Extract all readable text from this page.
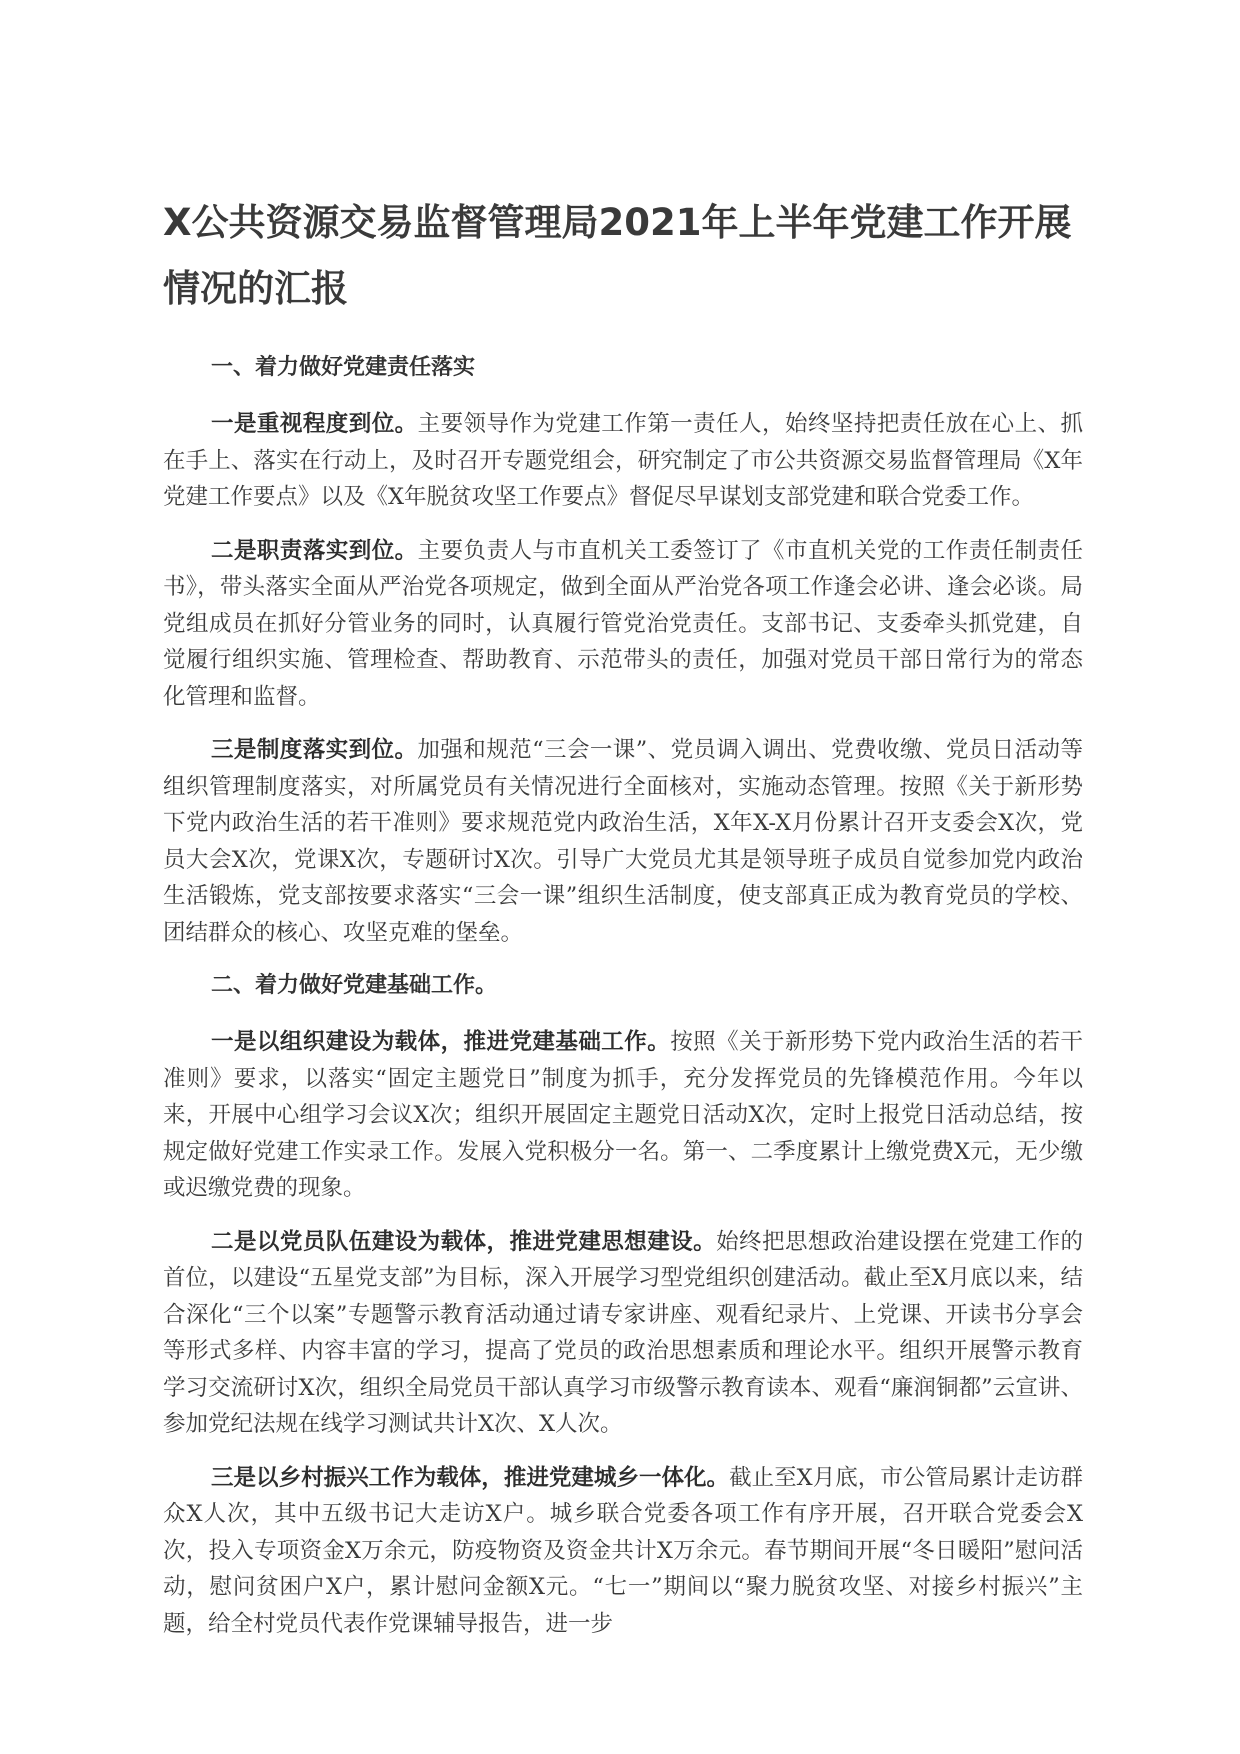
X公共资源交易监督管理局2021年上半年党建工作开展情况的汇报

一、着力做好党建责任落实

一是重视程度到位。主要领导作为党建工作第一责任人，始终坚持把责任放在心上、抓在手上、落实在行动上，及时召开专题党组会，研究制定了市公共资源交易监督管理局《X年党建工作要点》以及《X年脱贫攻坚工作要点》督促尽早谋划支部党建和联合党委工作。

二是职责落实到位。主要负责人与市直机关工委签订了《市直机关党的工作责任制责任书》，带头落实全面从严治党各项规定，做到全面从严治党各项工作逢会必讲、逢会必谈。局党组成员在抓好分管业务的同时，认真履行管党治党责任。支部书记、支委牵头抓党建，自觉履行组织实施、管理检查、帮助教育、示范带头的责任，加强对党员干部日常行为的常态化管理和监督。

三是制度落实到位。加强和规范“三会一课”、党员调入调出、党费收缴、党员日活动等组织管理制度落实，对所属党员有关情况进行全面核对，实施动态管理。按照《关于新形势下党内政治生活的若干准则》要求规范党内政治生活，X年X-X月份累计召开支委会X次，党员大会X次，党课X次，专题研讨X次。引导广大党员尤其是领导班子成员自觉参加党内政治生活锻炼，党支部按要求落实“三会一课”组织生活制度，使支部真正成为教育党员的学校、团结群众的核心、攻坚克难的堡垒。

二、着力做好党建基础工作。

一是以组织建设为载体，推进党建基础工作。按照《关于新形势下党内政治生活的若干准则》要求，以落实“固定主题党日”制度为抓手，充分发挥党员的先锋模范作用。今年以来，开展中心组学习会议X次；组织开展固定主题党日活动X次，定时上报党日活动总结，按规定做好党建工作实录工作。发展入党积极分一名。第一、二季度累计上缴党费X元，无少缴或迟缴党费的现象。

二是以党员队伍建设为载体，推进党建思想建设。始终把思想政治建设摆在党建工作的首位，以建设“五星党支部”为目标，深入开展学习型党组织创建活动。截止至X月底以来，结合深化“三个以案”专题警示教育活动通过请专家讲座、观看纪录片、上党课、开读书分享会等形式多样、内容丰富的学习，提高了党员的政治思想素质和理论水平。组织开展警示教育学习交流研讨X次，组织全局党员干部认真学习市级警示教育读本、观看“廉润铜都”云宣讲、参加党纪法规在线学习测试共计X次、X人次。

三是以乡村振兴工作为载体，推进党建城乡一体化。截止至X月底，市公管局累计走访群众X人次，其中五级书记大走访X户。城乡联合党委各项工作有序开展，召开联合党委会X次，投入专项资金X万余元，防疫物资及资金共计X万余元。春节期间开展“冬日暖阳”慰问活动，慰问贫困户X户，累计慰问金额X元。“七一”期间以“聚力脱贫攻坚、对接乡村振兴”主题，给全村党员代表作党课辅导报告，进一步
